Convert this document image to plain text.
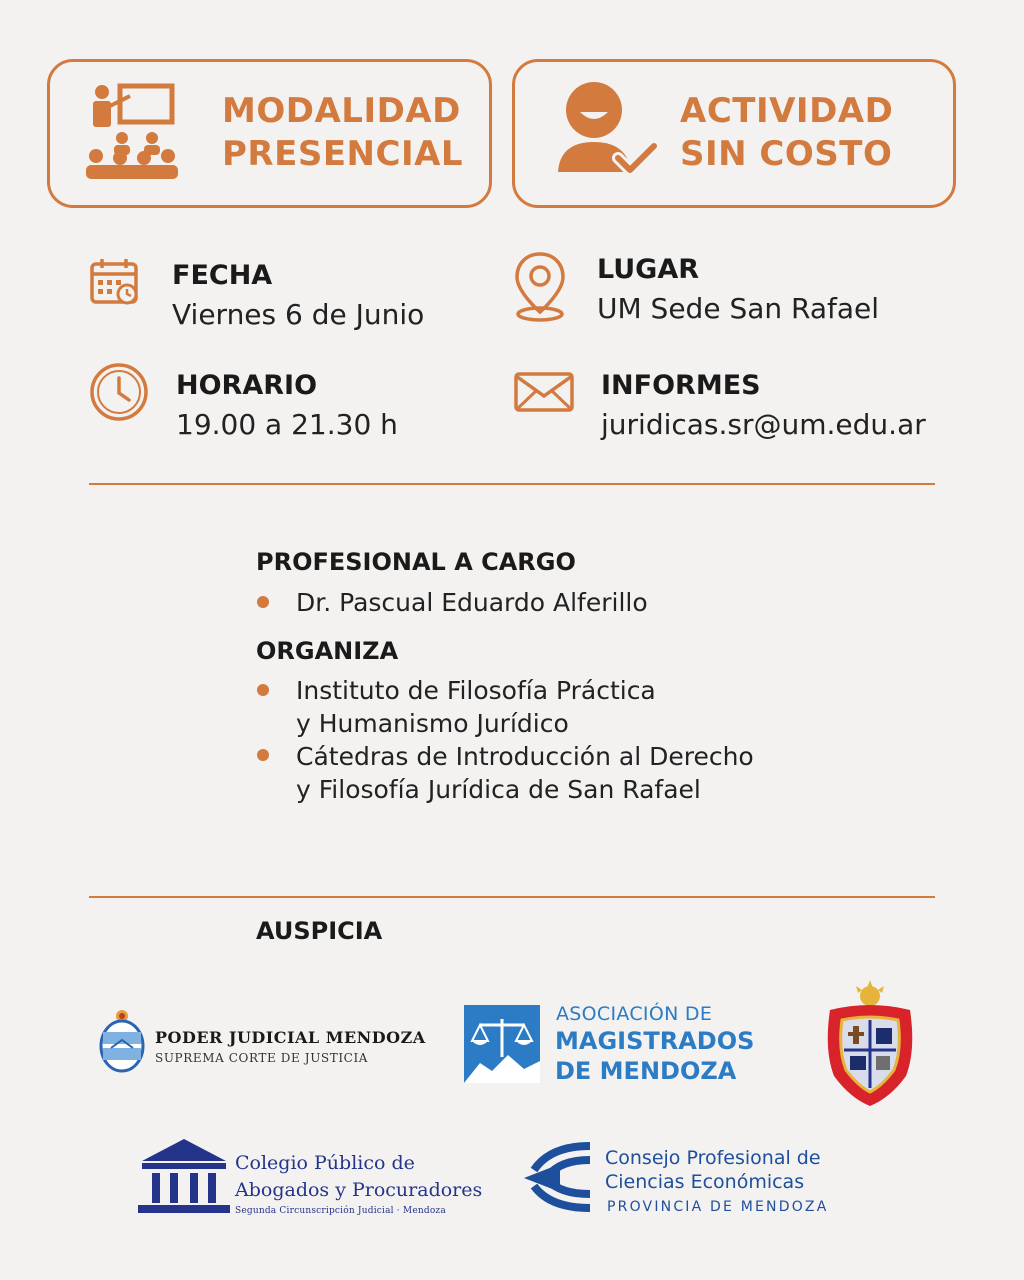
MODALIDAD
PRESENCIAL
ACTIVIDAD
SIN COSTO
FECHA
Viernes 6 de Junio
LUGAR
UM Sede San Rafael
HORARIO
19.00 a 21.30 h
INFORMES
juridicas.sr@um.edu.ar
PROFESIONAL A CARGO
Dr. Pascual Eduardo Alferillo
ORGANIZA
Instituto de Filosofía Práctica
y Humanismo Jurídico
Cátedras de Introducción al Derecho
y Filosofía Jurídica de San Rafael
AUSPICIA
PODER JUDICIAL MENDOZA
SUPREMA CORTE DE JUSTICIA
ASOCIACIÓN DE
MAGISTRADOS
DE MENDOZA
Colegio Público de
Abogados y Procuradores
Segunda Circunscripción Judicial · Mendoza
Consejo Profesional de
Ciencias Económicas
PROVINCIA DE MENDOZA
